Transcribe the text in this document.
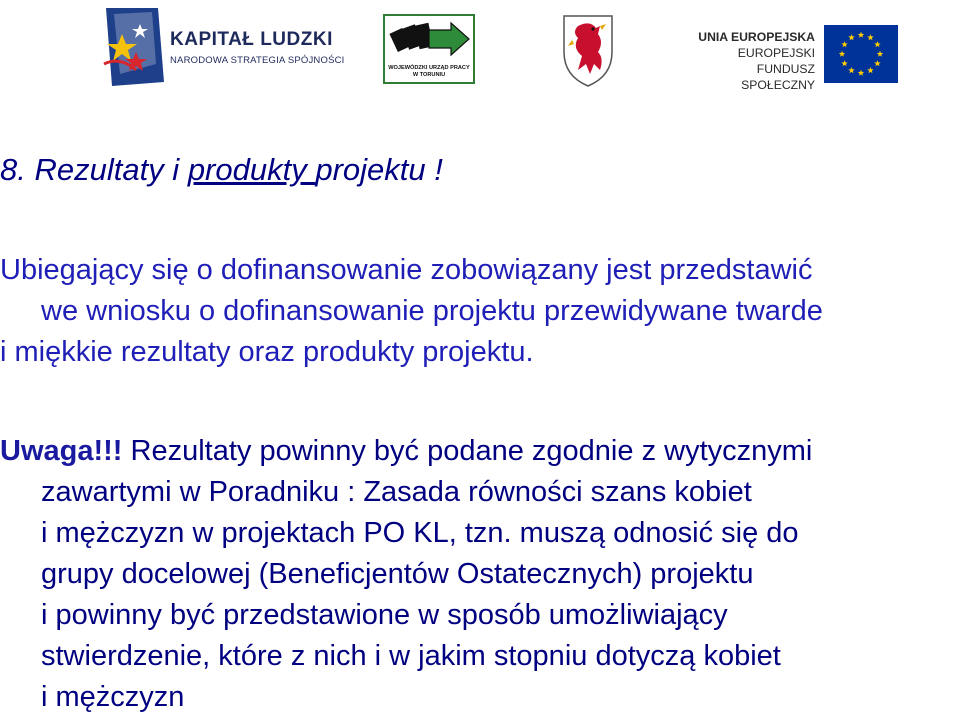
KAPITAŁ LUDZKI
NARODOWA STRATEGIA SPÓJNOŚCI
WOJEWÓDZKI URZĄD PRACY
W TORUNIU
UNIA EUROPEJSKA
EUROPEJSKI
FUNDUSZ SPOŁECZNY
8. Rezultaty i produkty projektu !
Ubiegający się o dofinansowanie zobowiązany jest przedstawić
we wniosku o dofinansowanie projektu przewidywane twarde
i miękkie rezultaty oraz produkty projektu.
Uwaga!!! Rezultaty powinny być podane zgodnie z wytycznymi
zawartymi w Poradniku : Zasada równości szans kobiet
i mężczyzn w projektach PO KL, tzn. muszą odnosić się do
grupy docelowej (Beneficjentów Ostatecznych) projektu
i powinny być przedstawione w sposób umożliwiający
stwierdzenie, które z nich i w jakim stopniu dotyczą kobiet
i mężczyzn
